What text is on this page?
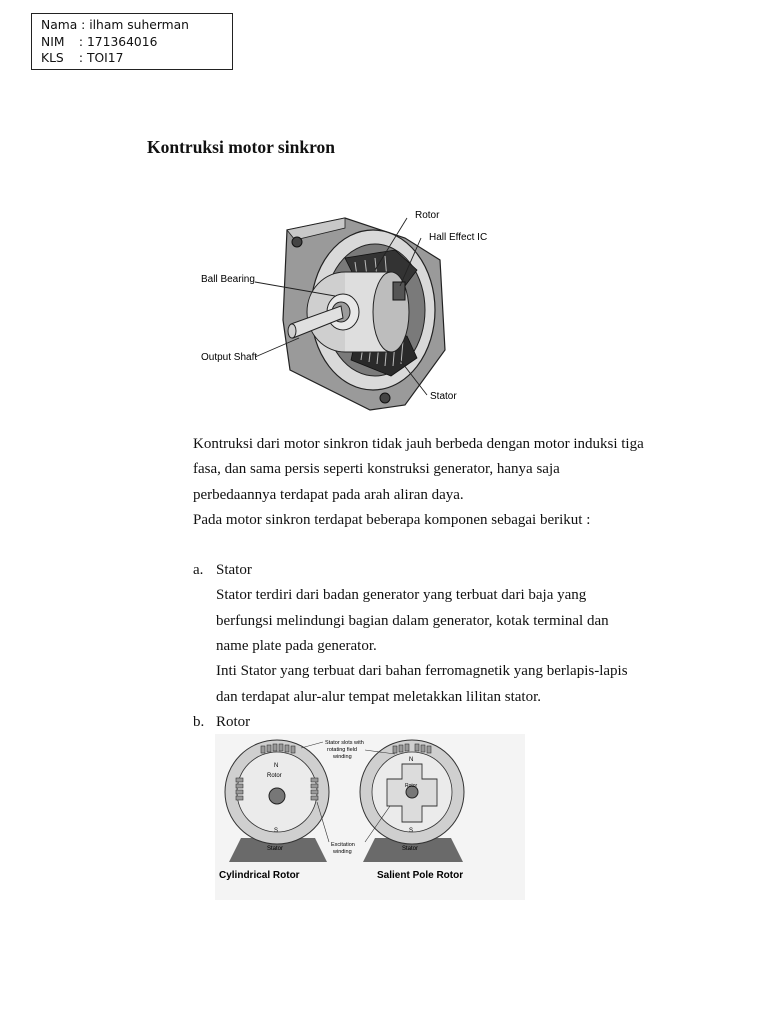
Nama : ilham suherman
NIM : 171364016
KLS : TOI17
Kontruksi motor sinkron
Rotor
Hall Effect IC
Ball Bearing
Output Shaft
Stator

Kontruksi dari motor sinkron tidak jauh berbeda dengan motor induksi tiga

fasa, dan sama persis seperti konstruksi generator, hanya saja

perbedaannya terdapat pada arah aliran daya.

Pada motor sinkron terdapat beberapa komponen sebagai berikut :

a. Stator

Stator terdiri dari badan generator yang terbuat dari baja yang

berfungsi melindungi bagian dalam generator, kotak terminal dan

name plate pada generator.

Inti Stator yang terbuat dari bahan ferromagnetik yang berlapis-lapis

dan terdapat alur-alur tempat meletakkan lilitan stator.

b. Rotor

N
Rotor
S
Stator
Cylindrical Rotor
N
Rotor
S
Stator
Salient Pole Rotor
Stator slots with
rotating field
winding
Excitation
winding
